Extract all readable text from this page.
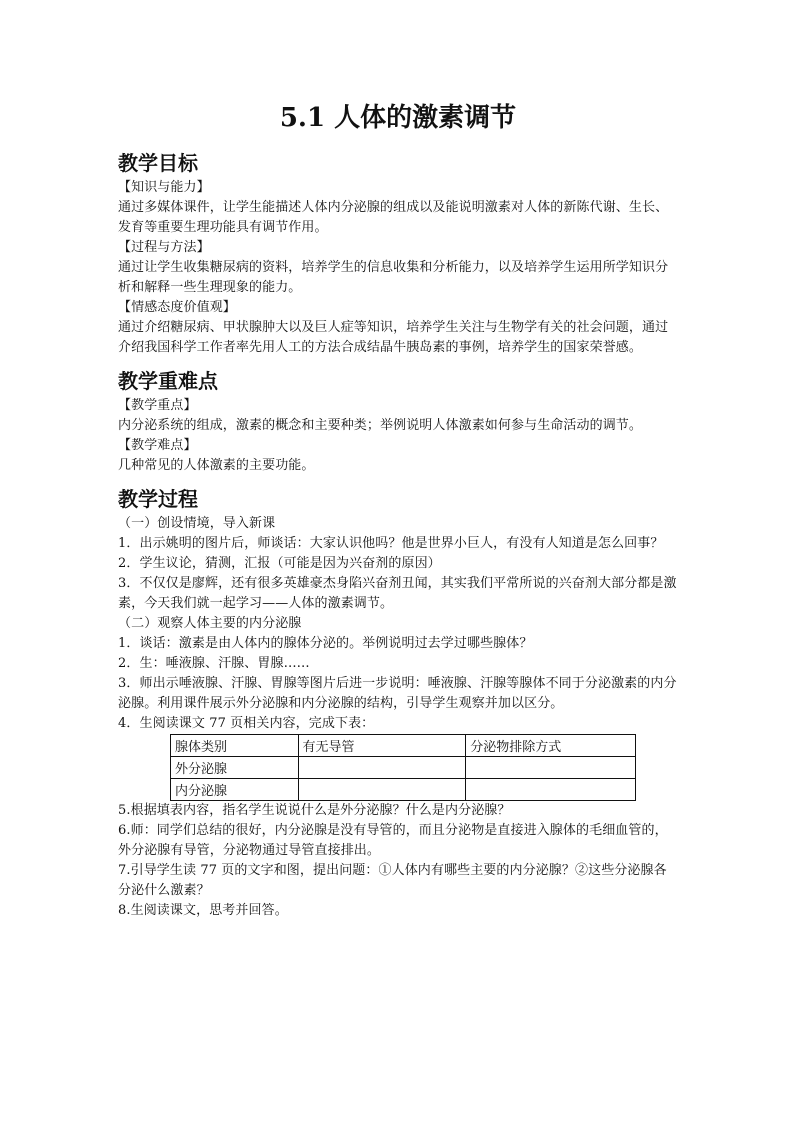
5.1 人体的激素调节
教学目标

【知识与能力】

通过多媒体课件，让学生能描述人体内分泌腺的组成以及能说明激素对人体的新陈代谢、生长、发育等重要生理功能具有调节作用。

【过程与方法】

通过让学生收集糖尿病的资料，培养学生的信息收集和分析能力，以及培养学生运用所学知识分析和解释一些生理现象的能力。

【情感态度价值观】

通过介绍糖尿病、甲状腺肿大以及巨人症等知识，培养学生关注与生物学有关的社会问题，通过介绍我国科学工作者率先用人工的方法合成结晶牛胰岛素的事例，培养学生的国家荣誉感。

教学重难点

【教学重点】

内分泌系统的组成，激素的概念和主要种类；举例说明人体激素如何参与生命活动的调节。

【教学难点】

几种常见的人体激素的主要功能。

教学过程

（一）创设情境，导入新课

1．出示姚明的图片后，师谈话：大家认识他吗？他是世界小巨人，有没有人知道是怎么回事？

2．学生议论，猜测，汇报（可能是因为兴奋剂的原因）

3．不仅仅是廖辉，还有很多英雄豪杰身陷兴奋剂丑闻，其实我们平常所说的兴奋剂大部分都是激素，今天我们就一起学习——人体的激素调节。

（二）观察人体主要的内分泌腺

1．谈话：激素是由人体内的腺体分泌的。举例说明过去学过哪些腺体？

2．生：唾液腺、汗腺、胃腺……

3．师出示唾液腺、汗腺、胃腺等图片后进一步说明：唾液腺、汗腺等腺体不同于分泌激素的内分泌腺。利用课件展示外分泌腺和内分泌腺的结构，引导学生观察并加以区分。

4．生阅读课文 77 页相关内容，完成下表：

腺体类别	有无导管	分泌物排除方式
外分泌腺		
内分泌腺		

5.根据填表内容，指名学生说说什么是外分泌腺？什么是内分泌腺？

6.师：同学们总结的很好，内分泌腺是没有导管的，而且分泌物是直接进入腺体的毛细血管的，外分泌腺有导管，分泌物通过导管直接排出。

7.引导学生读 77 页的文字和图，提出问题：①人体内有哪些主要的内分泌腺？②这些分泌腺各分泌什么激素？

8.生阅读课文，思考并回答。
